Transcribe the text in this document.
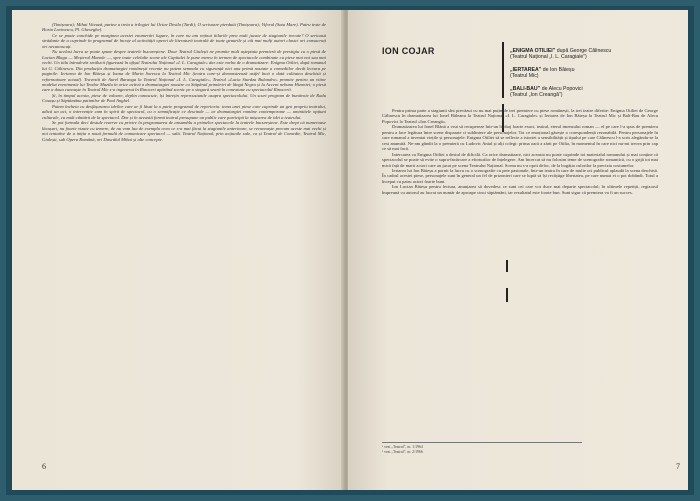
(Timișoara); Mihai Vitează, partea a treia a trilogiei lui Octav Desila (Tardi); O scrisoare pierdută (Timișoara); Viforul (Satu Mare). Patru texte de Horia Lovinescu, Pl. Gheorghe).

Ce se poate conchide pe marginea acestei enumerări lugare, în care nu am reținut titlurile prea mult jucate de stagiunile trecute? O serioasă strădanie de a cuprinde în programul de încoțe al activității operei de literatură teatrală de toate genurile și cât mai mulți autori clasici ori consacrați ori necunoscuți.

Nu acelasi lucru se poate spune despre teatrele bucureștene. Doar Teatrul Giulești ne promite mult așteptata premieră de prestigiu cu o piesă de Lucian Blaga — Meșterul Manole —, spre toate celelalte scene ale Capitalei le pune mereu în termen de spectacole combinate cu piese mai noi sau mai vechi. Un titlu întrodevăr strălucit figurează în afișul Teatrului Național «I. L. Caragiale» dar este vorba de o dramatizare: Enigma Otiliei, după romanul lui G. Călinescu. Din producția dramaturgiei românești recente nu putem semnala cu siguranță nici una primă noutate a comediilor decât lectura pe paginile: Iertarea de Ion Băieșu și Ioana de Marin Sorescu la Teatrul Mic (teatru care-și demonstrează astfel încă o dată calitatea deschisă și reformatoare actual). Travestii de Aurel Baranga la Teatrul Național «I. L. Caragiale», Teatrul «Lucia Sturdza Bulandra» promite pentru un viitor modelat evenimente lui Teodor Mazilu în orice activă a dramaturgiei noastre cu Stăpânul primăriei de lângă Negru și la Accent nebuna Hizoniei; o piesă care a doua cunoaște în Teatrul Mic s-a ingenerat în Rinoceri apărând scenic pe o singură seară în conexiune cu spectacolul Rinocerii.

Și, în timpul acesta, piese de valoare, deplin cunoscute, își întrețin repercusiunile asupra spectacolului. Un scurt program de bunăvoie de Radu Cosașu și Săptămâna patimilor de Paul Anghel.

Putem încheia cu desfășurarea ideilor care ar fi lăsat la o parte programul de repertoriu: tema unei piese care cuprinde un gen propriu teatrului, adică un act, o intervenție cam în spirit de spectacol, cu o semnificație ce descinde — ar dramaturgiei române contemporane — amintitele opțiuni culturale, cu mult cântărit de la spectacol. Dar și în această formă teatrul presupune un public care participă la mișcarea de idei a teatrului.

Se pot formula deci destule rezerve cu privire la programarea de ansamblu a primelor spectacole la teatrele bucureștene. Este drept că numeroase lăcașuri, nu foarte vizate cu temere, de nu vom lua de exemplu ceea ce s-a mai făcut la stagiunile anterioare, se recunoaște precum aceste mai vechi și noi tentative de a iniția o nouă formulă de comunicare spectacol — sală. Teatrul Național, prin acțiunile sale, ca și Teatrul de Comedie, Teatrul Mic, Giulești, sub Opera Română, ori Dascălul Mihai și alte concepte.

6
ION COJAR	„ENIGMA OTILIEI” după George Călinescu
(Teatrul Național „I. L. Caragiale”)
„IERTAREA” de Ion Băieșu
(Teatrul Mic)
„BALI-BAU” de Alecu Popovici
(Teatrul „Ion Creangă”)

Pentru prima parte a stagiunii sînt prevăzut cu nu mai puțin de trei premiere cu piese românești, la trei teatre diferite: Enigma Otiliei de George Călinescu în dramatizarea lui Ionel Băleanu la Teatrul Național «I. L. Caragiale» și Iertarea de Ion Băieșu la Teatrul Mic și Bali-Bau de Alecu Popovici la Teatrul «Ion Creangă».

Dramatizarea lui Ionel Blănă a vrut să recupereze într-un limbaj foarte exact, teatral, eterul imensului roman — el pe care l-a spus de premiera pentru a face legătura între scene disparate ci subliniere ale personajelor. Tot ce emoțional găsește o corespondență rezonabilă. Pentru personajele în care romanul a inventat viețile și personajele: Enigma Otiliei să se reflecte a istoriei a sensibilității și tipului pe care Călinescu l-a scris alegându-se la cest anumită. Ne-am gândit la o premieră cu Ludovic Antal și alți colegi: prima oară a zărit pe Otilia, în momentul în care nici nu-mi trecea prin cap ce să mai facă.

Intercarea cu Enigma Otiliei a destul de dificilă. Ca orice dramatizare, nici aceasta nu poate cuprinde tot materialul romanului și mai conține că spectacolul se poate să evite o supra-încărcare a eforturilor de înțelegere. Am încercat să nu folosim teme de scenografie romantică, cu o grijă tot mai mică față de marii actori care au jucat pe scena Teatrului Național. Scena nu s-a oprit deloc, de la bogăția culorilor la precizia costumelor.

Iertarea lui Ion Băieșu a pornit la lucru cu o scenografie cu pete pasionale, într-un teatru în care de multe ori publicul aplaudă la scena deschisă. În cadrul acestei piese, personajele sunt în general un fel de prizonieri care se luptă să își recâștige libertatea, pe care numai ei o pot dobândi. Totul a început cu patru actori foarte buni.

Ion Lucian Băieșu pentru lectura, anunțarea să dovedesc ce sunt cei care vor duce mai departe spectacolul; în ultimele repetiții, regizorul împreună cu autorul au lucrat un număr de aproape cinci săptămâni, iar rezultatul este foarte bun. Sunt sigur că premiera va fi un succes.

¹ vezi „Teatrul”, nr. 1/1964
² vezi „Teatrul”, nr. 2/1966
7
